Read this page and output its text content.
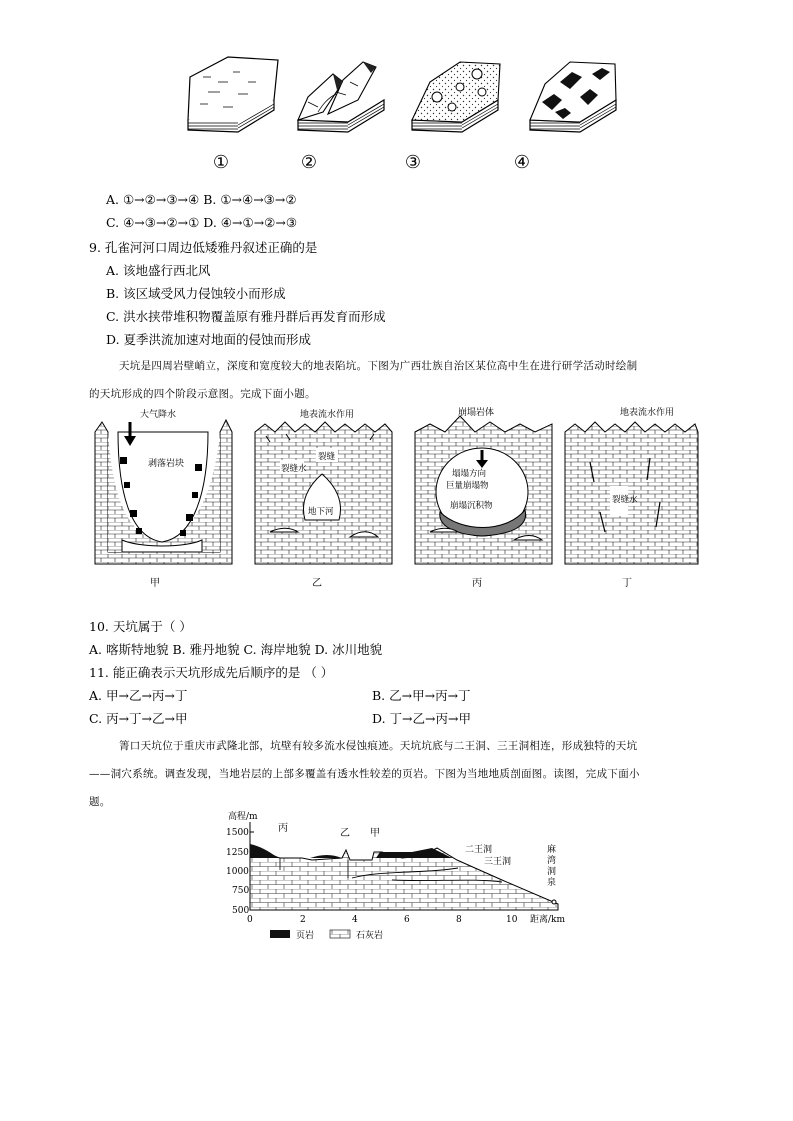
①	②	③	④
A. ①→②→③→④ B. ①→④→③→②
C. ④→③→②→① D. ④→①→②→③
9. 孔雀河河口周边低矮雅丹叙述正确的是
A. 该地盛行西北风
B. 该区域受风力侵蚀较小而形成
C. 洪水挟带堆积物覆盖原有雅丹群后再发育而形成
D. 夏季洪流加速对地面的侵蚀而形成
天坑是四周岩壁峭立，深度和宽度较大的地表陷坑。下图为广西壮族自治区某位高中生在进行研学活动时绘制
的天坑形成的四个阶段示意图。完成下面小题。
大气降水
剥落岩块
甲
地表流水作用
裂缝
裂缝水
地下河
乙
崩塌岩体
塌塌方向
巨量崩塌物
崩塌沉积物
丙
地表流水作用
裂缝水
丁
10. 天坑属于（ ）
A. 喀斯特地貌 B. 雅丹地貌 C. 海岸地貌 D. 冰川地貌
11. 能正确表示天坑形成先后顺序的是 （ ）
A. 甲→乙→丙→丁	B. 乙→甲→丙→丁
C. 丙→丁→乙→甲	D. 丁→乙→丙→甲
箐口天坑位于重庆市武隆北部，坑壁有较多流水侵蚀痕迹。天坑坑底与二王洞、三王洞相连，形成独特的天坑
——洞穴系统。调查发现，当地岩层的上部多覆盖有透水性较差的页岩。下图为当地地质剖面图。读图，完成下面小
题。
高程/m
1500
1250
1000
750
500
丙	乙 甲
二王洞
三王洞
麻
湾
洞
泉
0	2	4	6	8	10 距离/km
页岩	石灰岩
